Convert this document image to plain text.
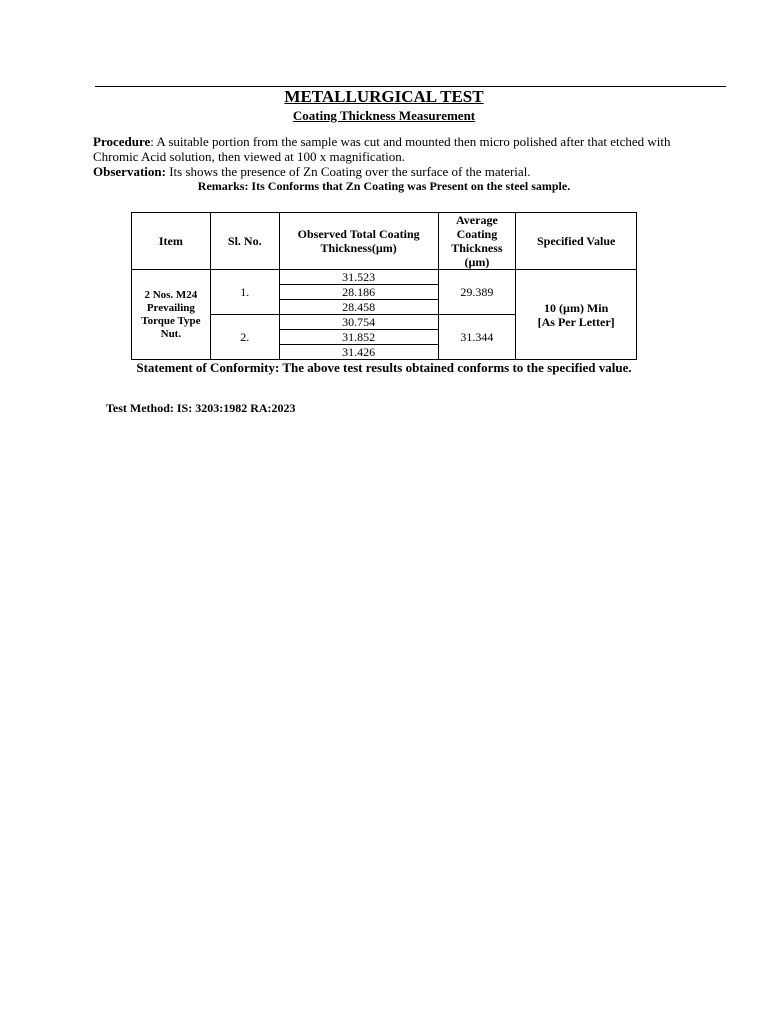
METALLURGICAL TEST
Coating Thickness Measurement
Procedure: A suitable portion from the sample was cut and mounted then micro polished after that etched with Chromic Acid solution, then viewed at 100 x magnification.
Observation: Its shows the presence of Zn Coating over the surface of the material.
Remarks: Its Conforms that Zn Coating was Present on the steel sample.
Item	Sl. No.	Observed Total Coating Thickness(µm)	Average Coating Thickness (µm)	Specified Value

2 Nos. M24 Prevailing Torque Type Nut.	1.	31.523	29.389	10 (µm) Min
[As Per Letter]

		28.186		
		28.458		
	2.	30.754	31.344	
		31.852		
		31.426		
Statement of Conformity: The above test results obtained conforms to the specified value.
Test Method: IS: 3203:1982 RA:2023
